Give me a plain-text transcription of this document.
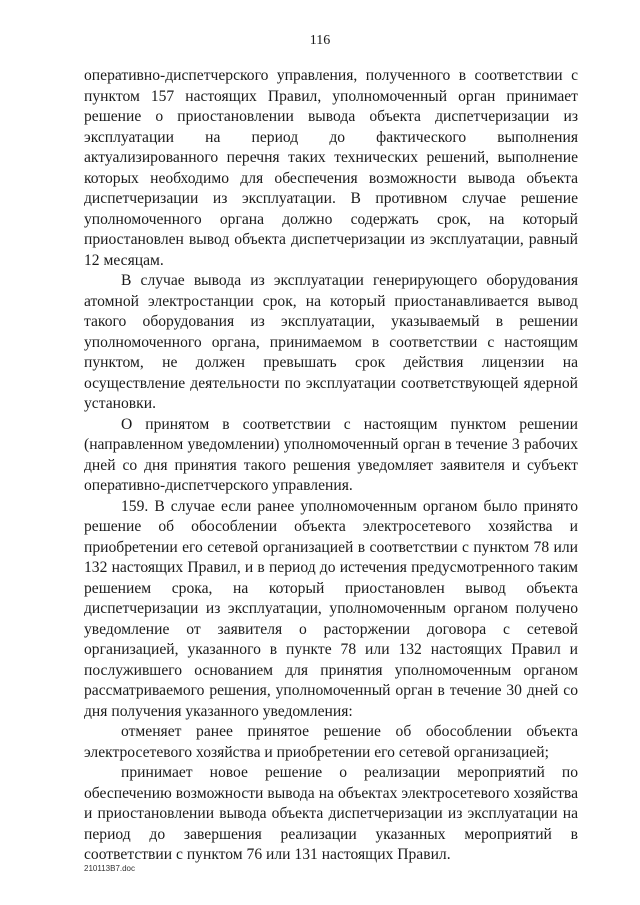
116

оперативно-диспетчерского управления, полученного в соответствии с пунктом 157 настоящих Правил, уполномоченный орган принимает решение о приостановлении вывода объекта диспетчеризации из эксплуатации на период до фактического выполнения актуализированного перечня таких технических решений, выполнение которых необходимо для обеспечения возможности вывода объекта диспетчеризации из эксплуатации. В противном случае решение уполномоченного органа должно содержать срок, на который приостановлен вывод объекта диспетчеризации из эксплуатации, равный 12 месяцам.

В случае вывода из эксплуатации генерирующего оборудования атомной электростанции срок, на который приостанавливается вывод такого оборудования из эксплуатации, указываемый в решении уполномоченного органа, принимаемом в соответствии с настоящим пунктом, не должен превышать срок действия лицензии на осуществление деятельности по эксплуатации соответствующей ядерной установки.

О принятом в соответствии с настоящим пунктом решении (направленном уведомлении) уполномоченный орган в течение 3 рабочих дней со дня принятия такого решения уведомляет заявителя и субъект оперативно-диспетчерского управления.

159. В случае если ранее уполномоченным органом было принято решение об обособлении объекта электросетевого хозяйства и приобретении его сетевой организацией в соответствии с пунктом 78 или 132 настоящих Правил, и в период до истечения предусмотренного таким решением срока, на который приостановлен вывод объекта диспетчеризации из эксплуатации, уполномоченным органом получено уведомление от заявителя о расторжении договора с сетевой организацией, указанного в пункте 78 или 132 настоящих Правил и послужившего основанием для принятия уполномоченным органом рассматриваемого решения, уполномоченный орган в течение 30 дней со дня получения указанного уведомления:

отменяет ранее принятое решение об обособлении объекта электросетевого хозяйства и приобретении его сетевой организацией;

принимает новое решение о реализации мероприятий по обеспечению возможности вывода на объектах электросетевого хозяйства и приостановлении вывода объекта диспетчеризации из эксплуатации на период до завершения реализации указанных мероприятий в соответствии с пунктом 76 или 131 настоящих Правил.

210113В7.doc
